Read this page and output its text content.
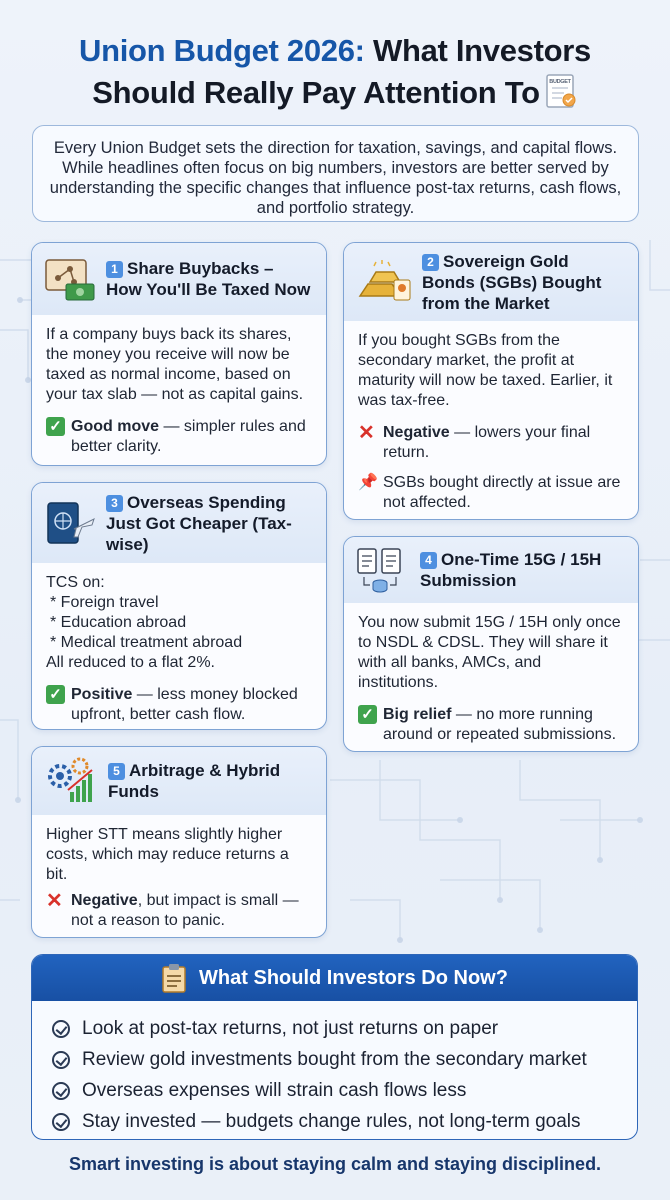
Union Budget 2026: What Investors
Should Really Pay Attention To BUDGET
Every Union Budget sets the direction for taxation, savings, and capital flows. While headlines often focus on big numbers, investors are better served by understanding the specific changes that influence post-tax returns, cash flows, and portfolio strategy.
1 Share Buybacks – How You'll Be Taxed Now

If a company buys back its shares, the money you receive will now be taxed as normal income, based on your tax slab — not as capital gains.

✓ Good move — simpler rules and better clarity.
2 Sovereign Gold Bonds (SGBs) Bought from the Market

If you bought SGBs from the secondary market, the profit at maturity will now be taxed. Earlier, it was tax-free.

✕ Negative — lowers your final return.
📌 SGBs bought directly at issue are not affected.
3 Overseas Spending Just Got Cheaper (Tax-wise)
TCS on:
* Foreign travel
* Education abroad
* Medical treatment abroad

All reduced to a flat 2%.

✓ Positive — less money blocked upfront, better cash flow.
4 One-Time 15G / 15H Submission

You now submit 15G / 15H only once to NSDL & CDSL. They will share it with all banks, AMCs, and institutions.

✓ Big relief — no more running around or repeated submissions.
5 Arbitrage & Hybrid Funds

Higher STT means slightly higher costs, which may reduce returns a bit.

✕ Negative, but impact is small — not a reason to panic.
What Should Investors Do Now?
Look at post-tax returns, not just returns on paper
Review gold investments bought from the secondary market
Overseas expenses will strain cash flows less
Stay invested — budgets change rules, not long-term goals
Smart investing is about staying calm and staying disciplined.
